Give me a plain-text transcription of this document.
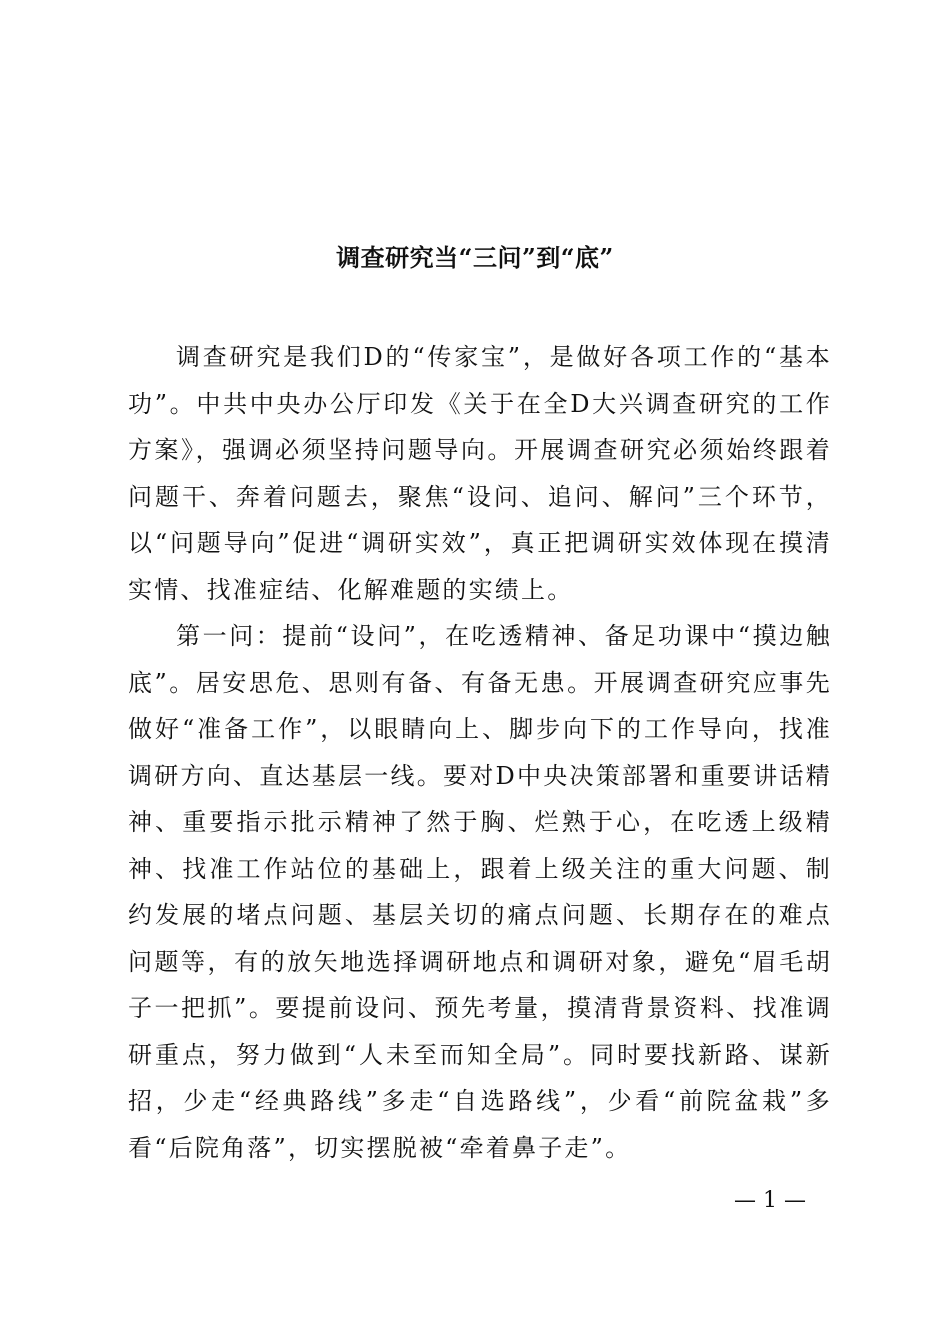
调查研究当“三问”到“底”

调查研究是我们D的“传家宝”，是做好各项工作的“基本功”。中共中央办公厅印发《关于在全D大兴调查研究的工作方案》，强调必须坚持问题导向。开展调查研究必须始终跟着问题干、奔着问题去，聚焦“设问、追问、解问”三个环节，以“问题导向”促进“调研实效”，真正把调研实效体现在摸清实情、找准症结、化解难题的实绩上。

第一问：提前“设问”，在吃透精神、备足功课中“摸边触底”。居安思危、思则有备、有备无患。开展调查研究应事先做好“准备工作”，以眼睛向上、脚步向下的工作导向，找准调研方向、直达基层一线。要对D中央决策部署和重要讲话精神、重要指示批示精神了然于胸、烂熟于心，在吃透上级精神、找准工作站位的基础上，跟着上级关注的重大问题、制约发展的堵点问题、基层关切的痛点问题、长期存在的难点问题等，有的放矢地选择调研地点和调研对象，避免“眉毛胡子一把抓”。要提前设问、预先考量，摸清背景资料、找准调研重点，努力做到“人未至而知全局”。同时要找新路、谋新招，少走“经典路线”多走“自选路线”，少看“前院盆栽”多看“后院角落”，切实摆脱被“牵着鼻子走”。

— 1 —
